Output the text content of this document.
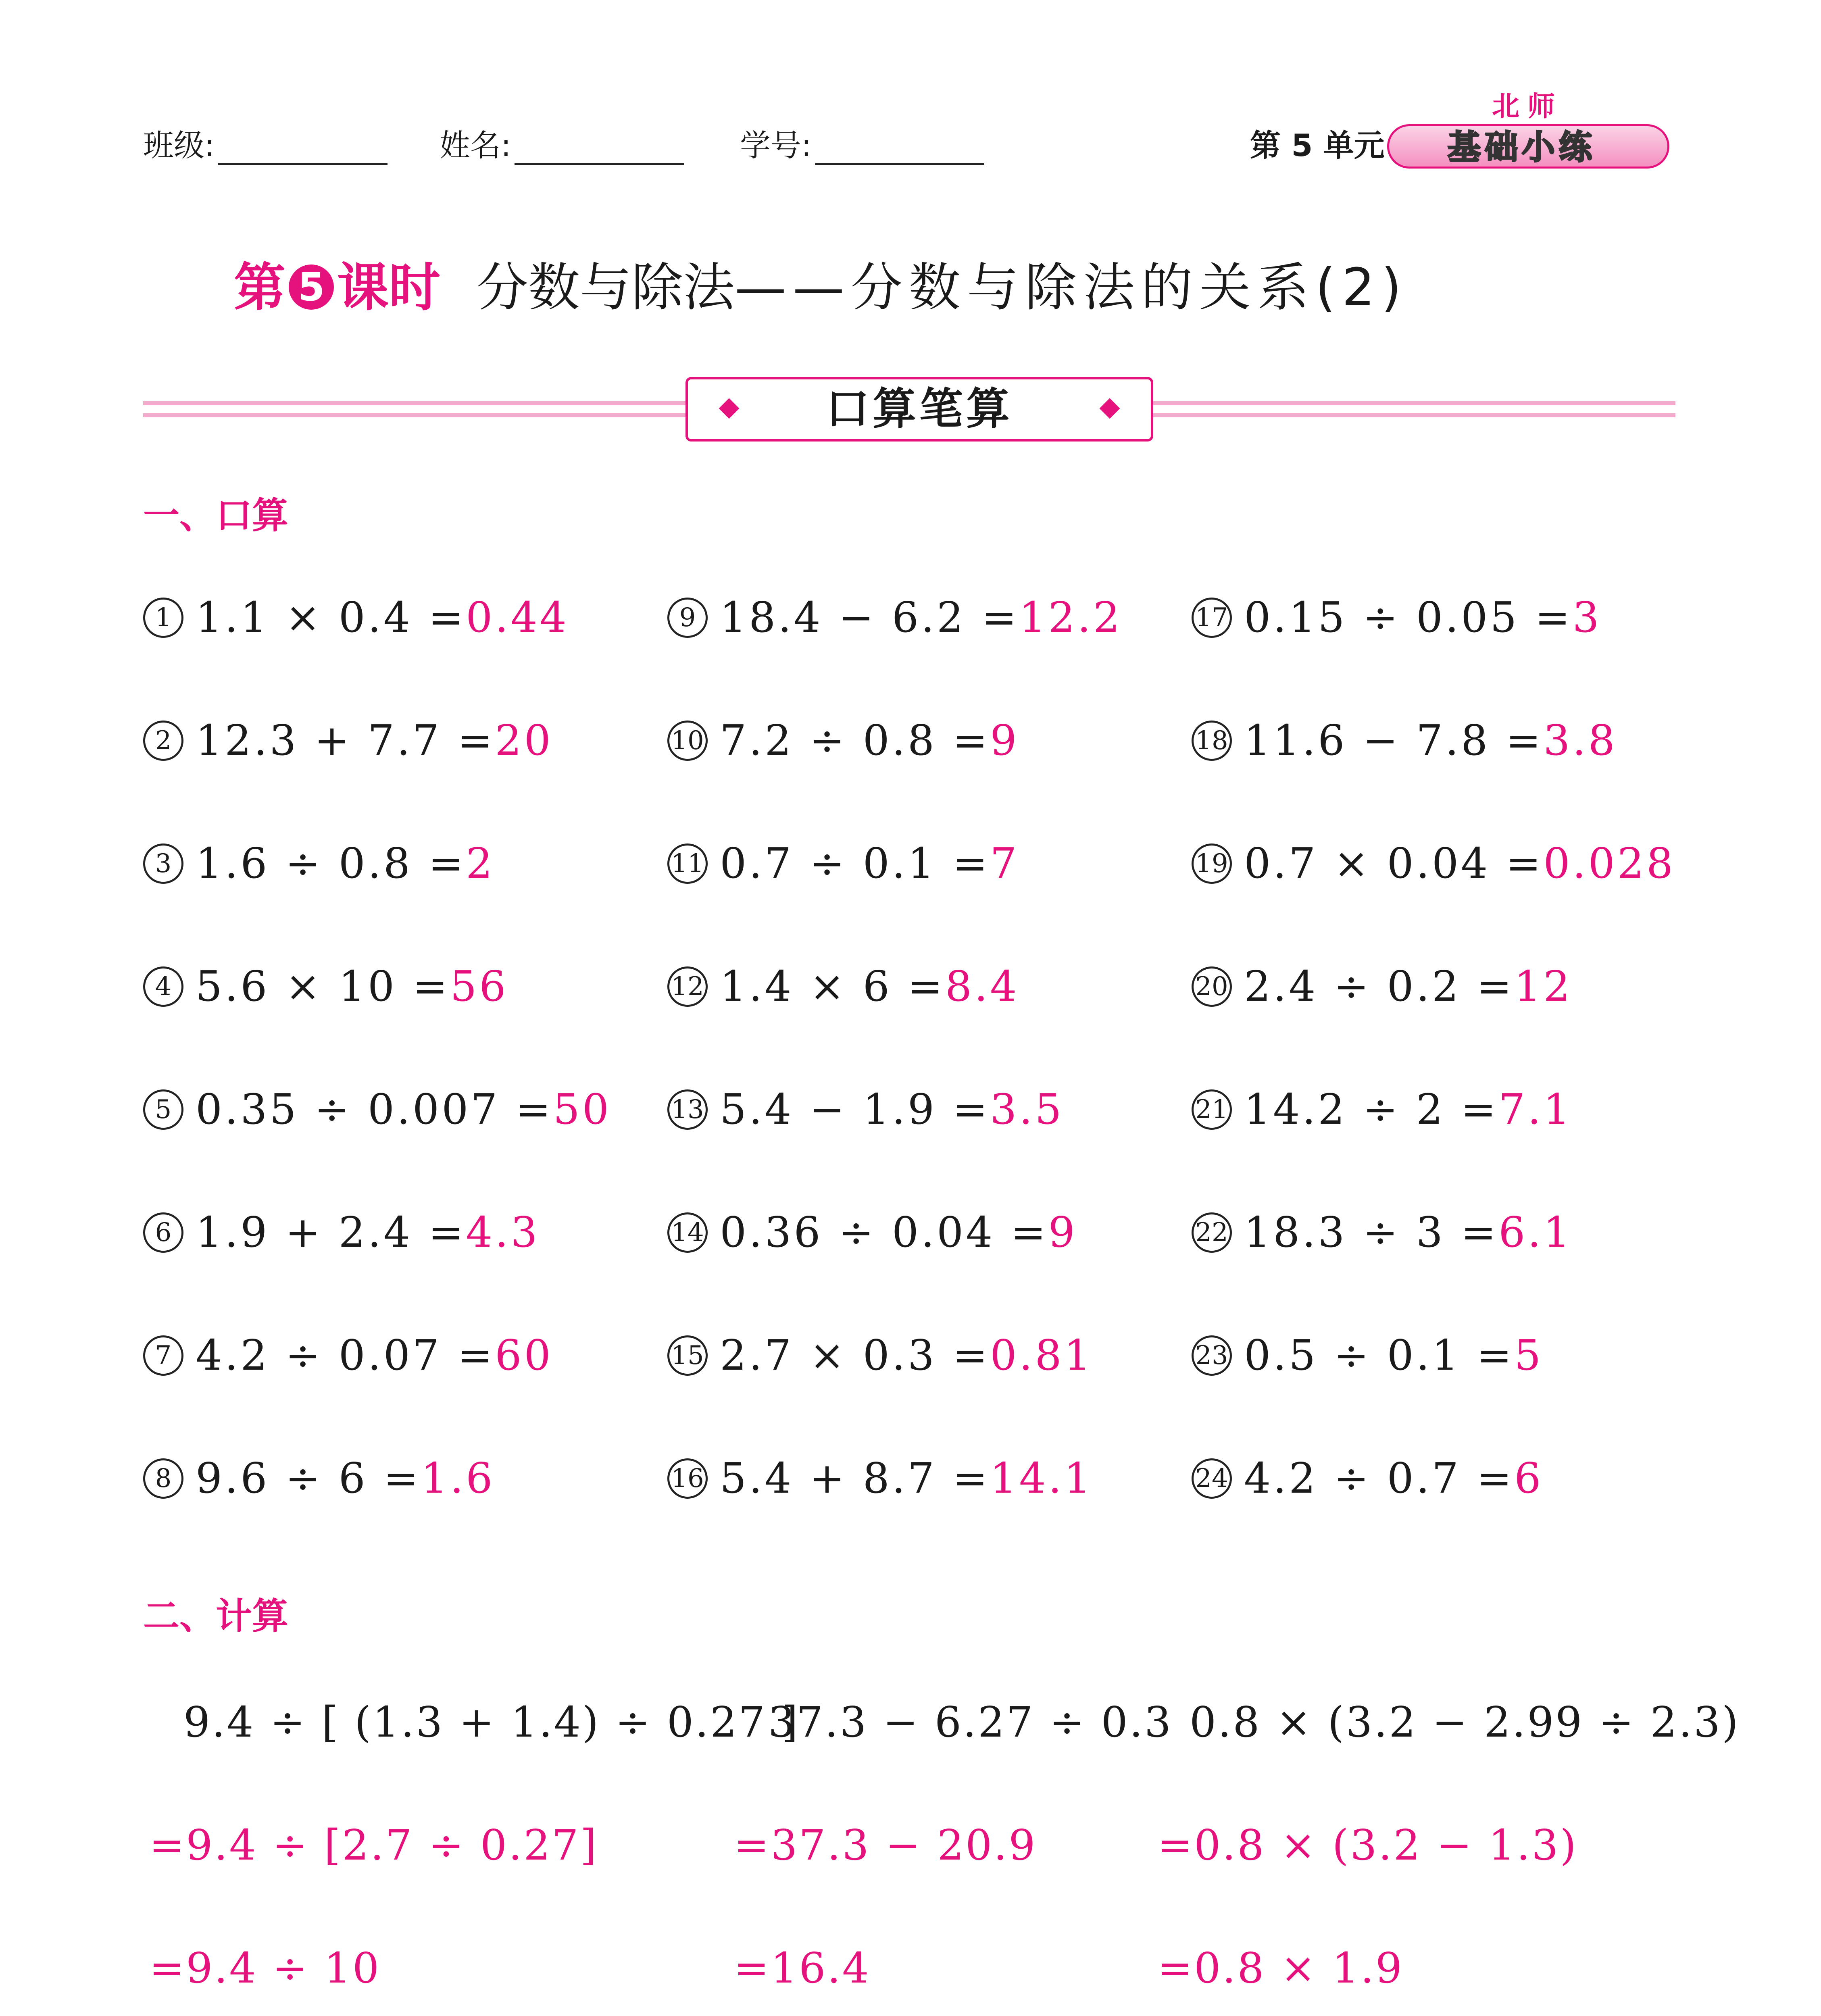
班级:	姓名:	学号:	第 5 单元
北师
基础小练
第 5 课时 分数与除法——分数与除法的关系(2)
口算笔算
一、口算
1 1.1 × 0.4 =0.44
2 12.3 + 7.7 =20
3 1.6 ÷ 0.8 =2
4 5.6 × 10 =56
5 0.35 ÷ 0.007 =50
6 1.9 + 2.4 =4.3
7 4.2 ÷ 0.07 =60
8 9.6 ÷ 6 =1.6
9 18.4 − 6.2 =12.2
10 7.2 ÷ 0.8 =9
11 0.7 ÷ 0.1 =7
12 1.4 × 6 =8.4
13 5.4 − 1.9 =3.5
14 0.36 ÷ 0.04 =9
15 2.7 × 0.3 =0.81
16 5.4 + 8.7 =14.1
17 0.15 ÷ 0.05 =3
18 11.6 − 7.8 =3.8
19 0.7 × 0.04 =0.028
20 2.4 ÷ 0.2 =12
21 14.2 ÷ 2 =7.1
22 18.3 ÷ 3 =6.1
23 0.5 ÷ 0.1 =5
24 4.2 ÷ 0.7 =6
二、计算
9.4 ÷ [ (1.3 + 1.4) ÷ 0.27 ]
=9.4 ÷ [2.7 ÷ 0.27]
=9.4 ÷ 10
37.3 − 6.27 ÷ 0.3
=37.3 − 20.9
=16.4
0.8 × (3.2 − 2.99 ÷ 2.3)
=0.8 × (3.2 − 1.3)
=0.8 × 1.9
